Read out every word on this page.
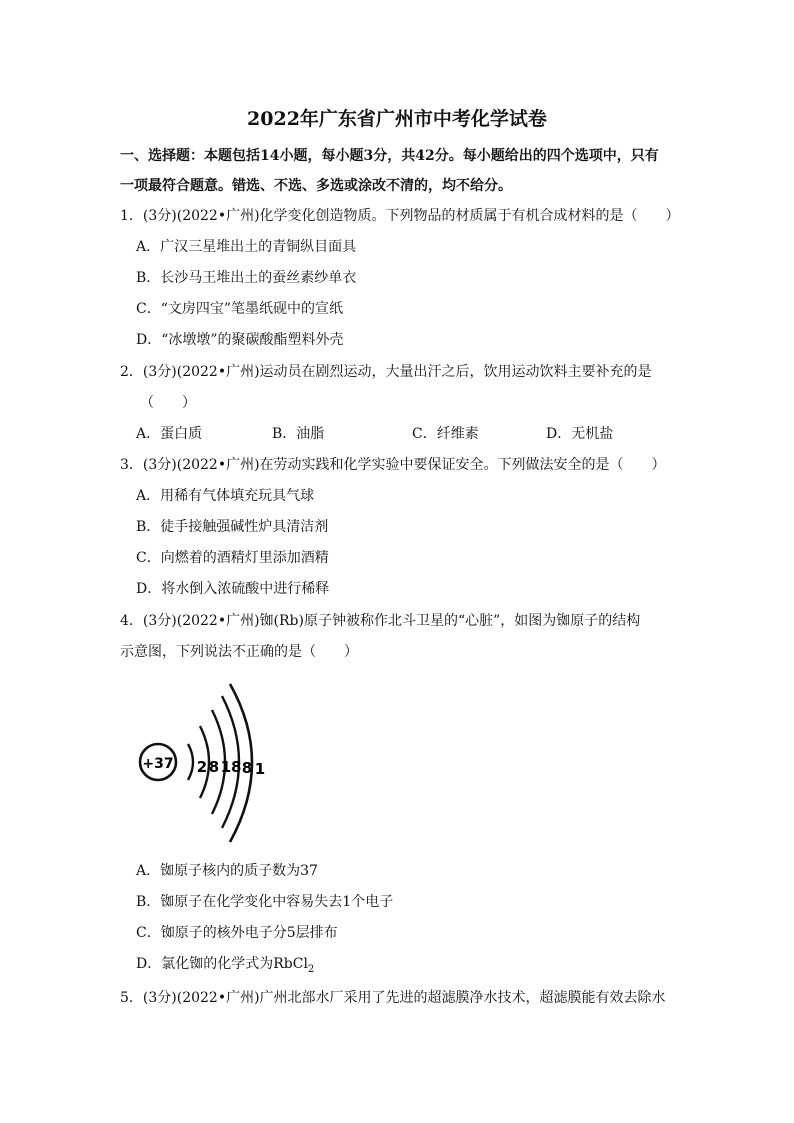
2022年广东省广州市中考化学试卷
一、选择题：本题包括14小题，每小题3分，共42分。每小题给出的四个选项中，只有
一项最符合题意。错选、不选、多选或涂改不清的，均不给分。
1．(3分)(2022•广州)化学变化创造物质。下列物品的材质属于有机合成材料的是（　　）
A．广汉三星堆出土的青铜纵目面具
B．长沙马王堆出土的蚕丝素纱单衣
C．“文房四宝”笔墨纸砚中的宣纸
D．“冰墩墩”的聚碳酸酯塑料外壳
2．(3分)(2022•广州)运动员在剧烈运动，大量出汗之后，饮用运动饮料主要补充的是
（　　）
A．蛋白质	B．油脂	C．纤维素	D．无机盐
3．(3分)(2022•广州)在劳动实践和化学实验中要保证安全。下列做法安全的是（　　）
A．用稀有气体填充玩具气球
B．徒手接触强碱性炉具清洁剂
C．向燃着的酒精灯里添加酒精
D．将水倒入浓硫酸中进行稀释
4．(3分)(2022•广州)铷(Rb)原子钟被称作北斗卫星的“心脏”，如图为铷原子的结构
示意图，下列说法不正确的是（　　）
+37 2 8 18 8 1
A．铷原子核内的质子数为37
B．铷原子在化学变化中容易失去1个电子
C．铷原子的核外电子分5层排布
D．氯化铷的化学式为RbCl$_2$
5．(3分)(2022•广州)广州北部水厂采用了先进的超滤膜净水技术，超滤膜能有效去除水
